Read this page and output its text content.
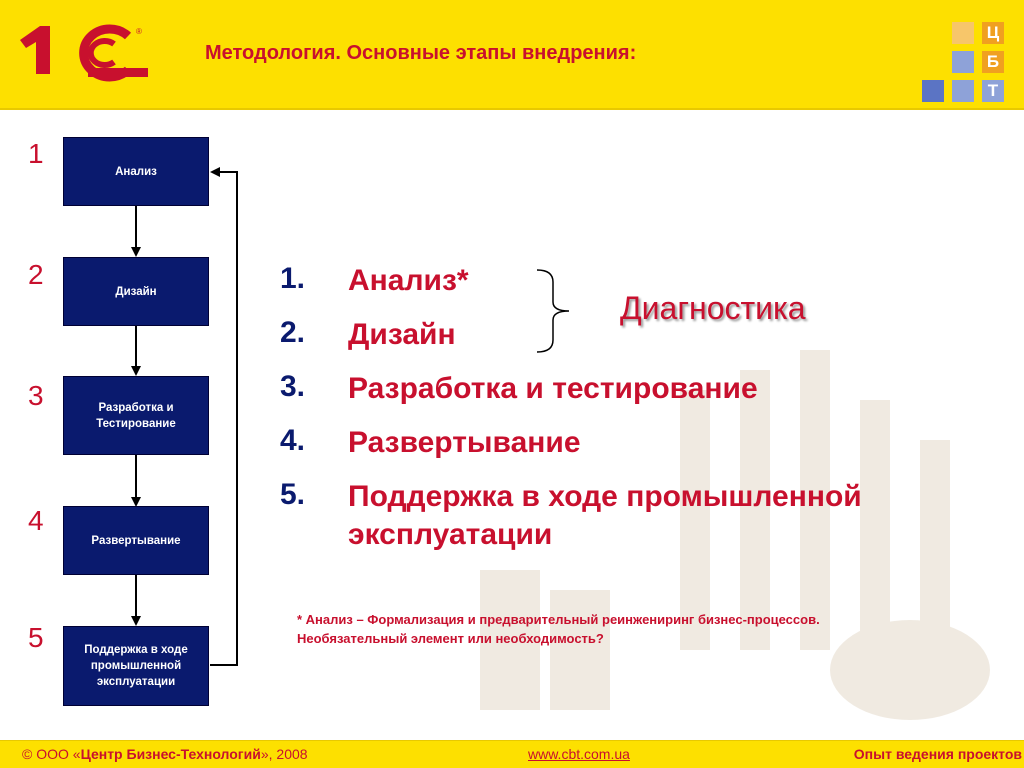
®
Методология. Основные этапы внедрения:
Ц
Б
Т
1
Анализ
2
Дизайн
3	Разработка и Тестирование
4
Развертывание
5	Поддержка в ходе промышленной эксплуатации
1. Анализ*
2. Дизайн
3. Разработка и тестирование
4. Развертывание
5. Поддержка в ходе промышленной эксплуатации
Диагностика
* Анализ – Формализация и предварительный реинжениринг бизнес-процессов.
Необязательный элемент или необходимость?
© ООО «Центр Бизнес-Технологий», 2008	www.cbt.com.ua	Опыт ведения проектов
